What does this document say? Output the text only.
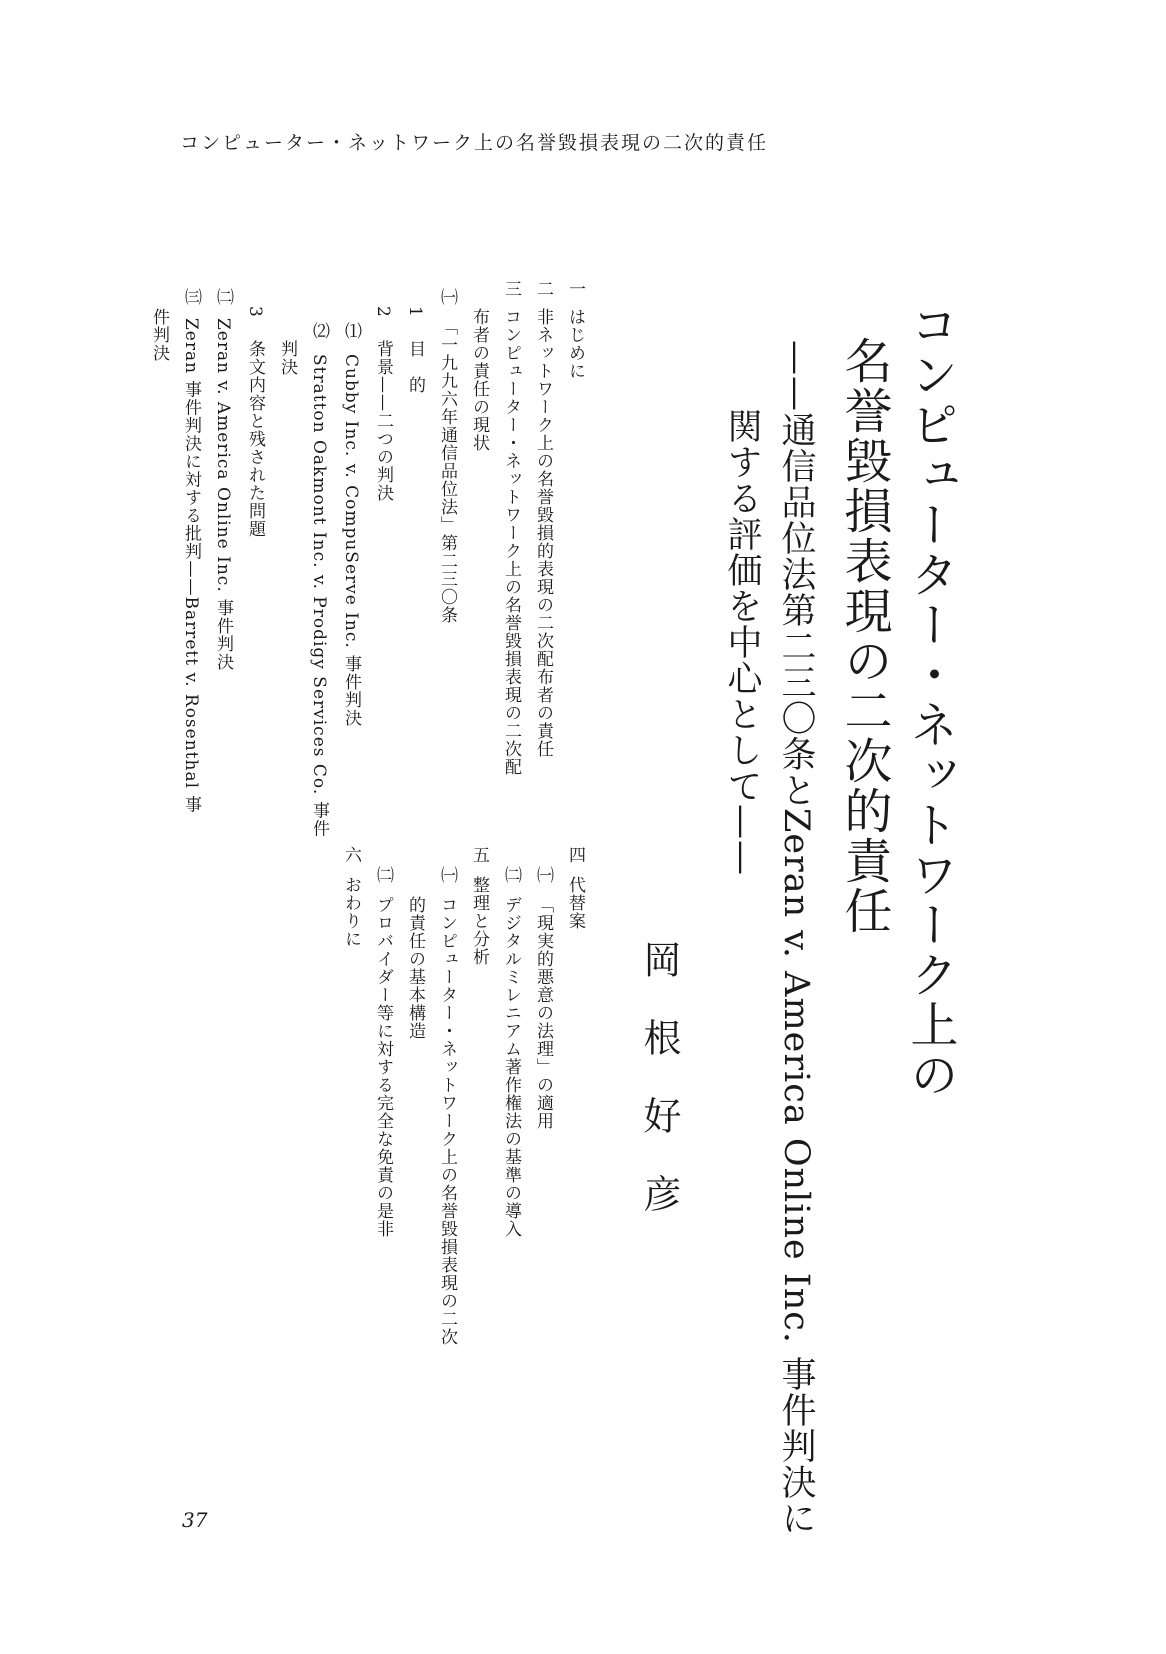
コンピューター・ネットワーク上の名誉毀損表現の二次的責任
コンピューター・ネットワーク上の
名誉毀損表現の二次的責任
——通信品位法第二三〇条とZeran v. America Online Inc. 事件判決に
関する評価を中心として——
岡根好彦
一
はじめに
二
非ネットワーク上の名誉毀損的表現の二次配布者の責任
三
コンピューター・ネットワーク上の名誉毀損表現の二次配
布者の責任の現状
㈠
「一九九六年通信品位法」第二三〇条
1
目　的
2
背景——二つの判決
⑴
Cubby Inc. v. CompuServe Inc. 事件判決
⑵
Stratton Oakmont Inc. v. Prodigy Services Co. 事件
判決
3
条文内容と残された問題
㈡
Zeran v. America Online Inc. 事件判決
㈢
Zeran 事件判決に対する批判——Barrett v. Rosenthal 事
件判決
四
代替案
㈠
「現実的悪意の法理」の適用
㈡
デジタルミレニアム著作権法の基準の導入
五
整理と分析
㈠
コンピューター・ネットワーク上の名誉毀損表現の二次
的責任の基本構造
㈡
プロバイダー等に対する完全な免責の是非
六
おわりに
37
